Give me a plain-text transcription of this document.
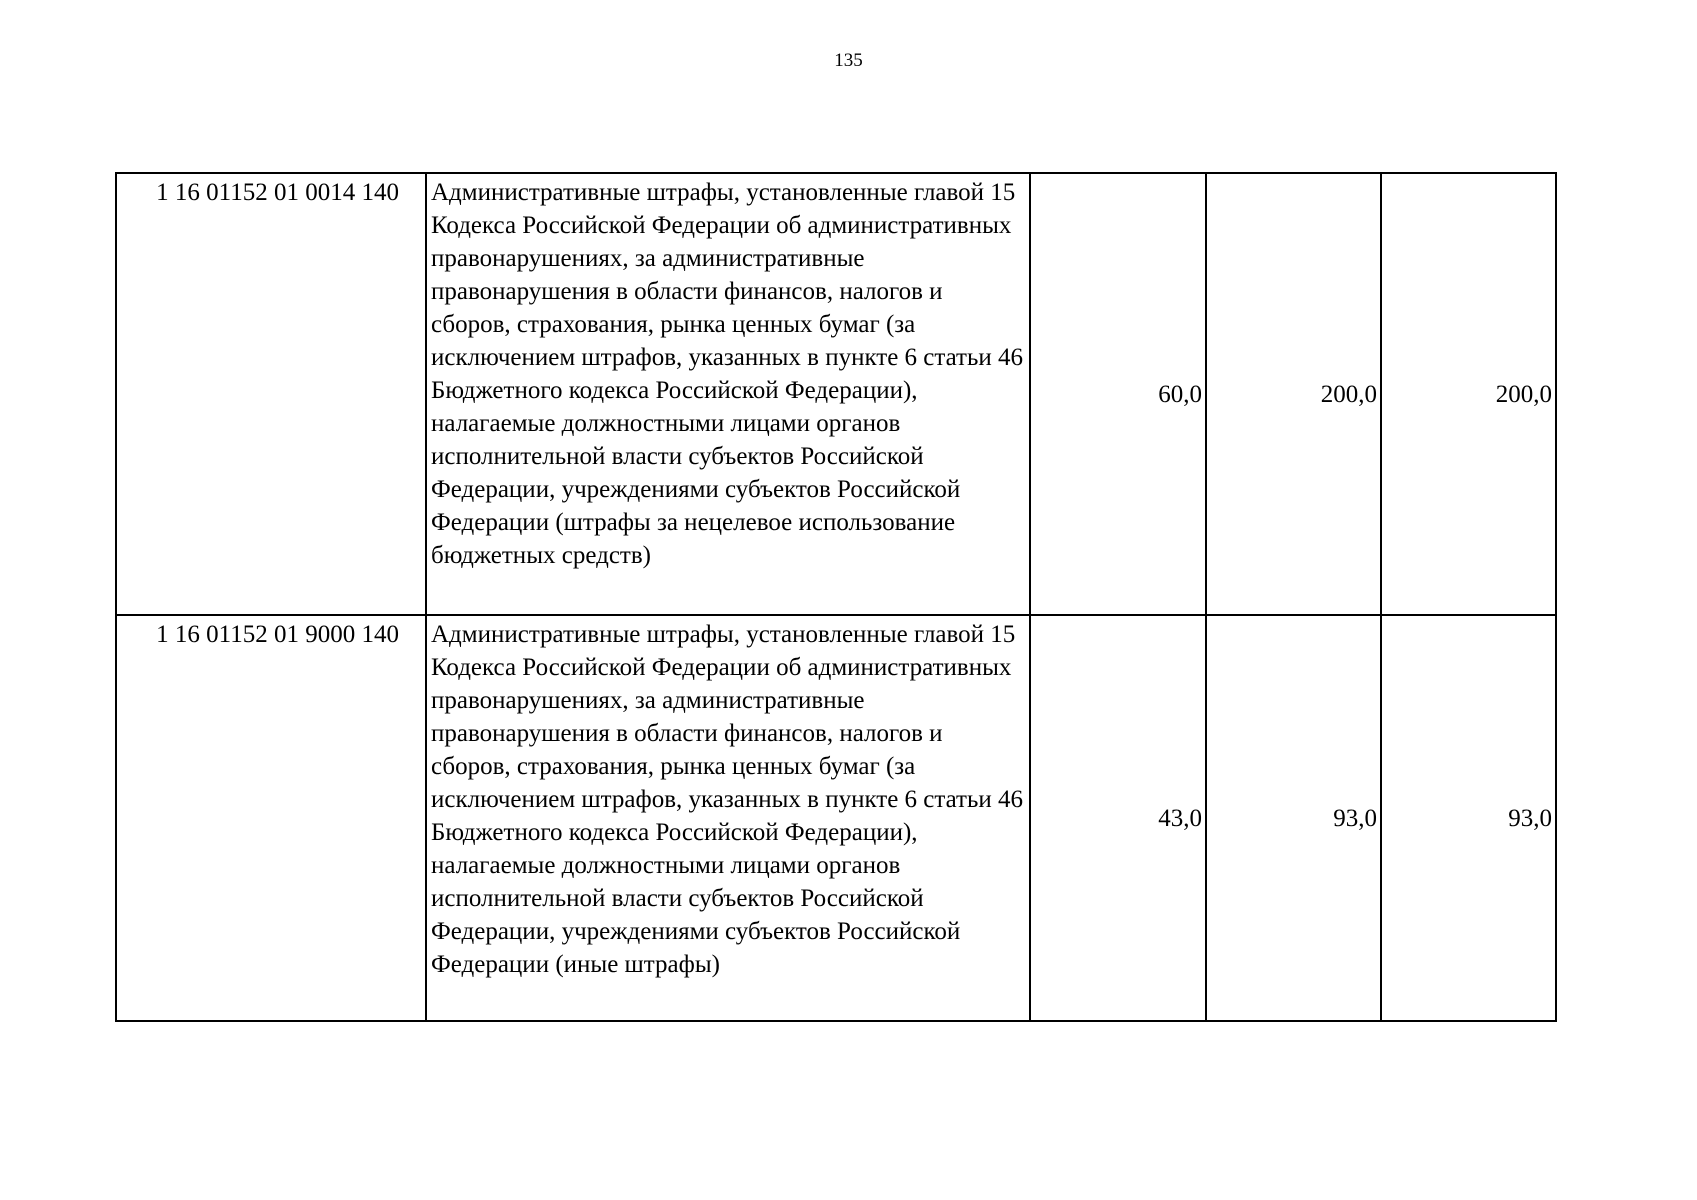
135
1 16 01152 01 0014 140	Административные штрафы, установленные главой 15 Кодекса Российской Федерации об административных правонарушениях, за административные правонарушения в области финансов, налогов и сборов, страхования, рынка ценных бумаг (за исключением штрафов, указанных в пункте 6 статьи 46 Бюджетного кодекса Российской Федерации), налагаемые должностными лицами органов исполнительной власти субъектов Российской Федерации, учреждениями субъектов Российской Федерации (штрафы за нецелевое использование бюджетных средств)	60,0	200,0	200,0
1 16 01152 01 9000 140	Административные штрафы, установленные главой 15 Кодекса Российской Федерации об административных правонарушениях, за административные правонарушения в области финансов, налогов и сборов, страхования, рынка ценных бумаг (за исключением штрафов, указанных в пункте 6 статьи 46 Бюджетного кодекса Российской Федерации), налагаемые должностными лицами органов исполнительной власти субъектов Российской Федерации, учреждениями субъектов Российской Федерации (иные штрафы)	43,0	93,0	93,0
